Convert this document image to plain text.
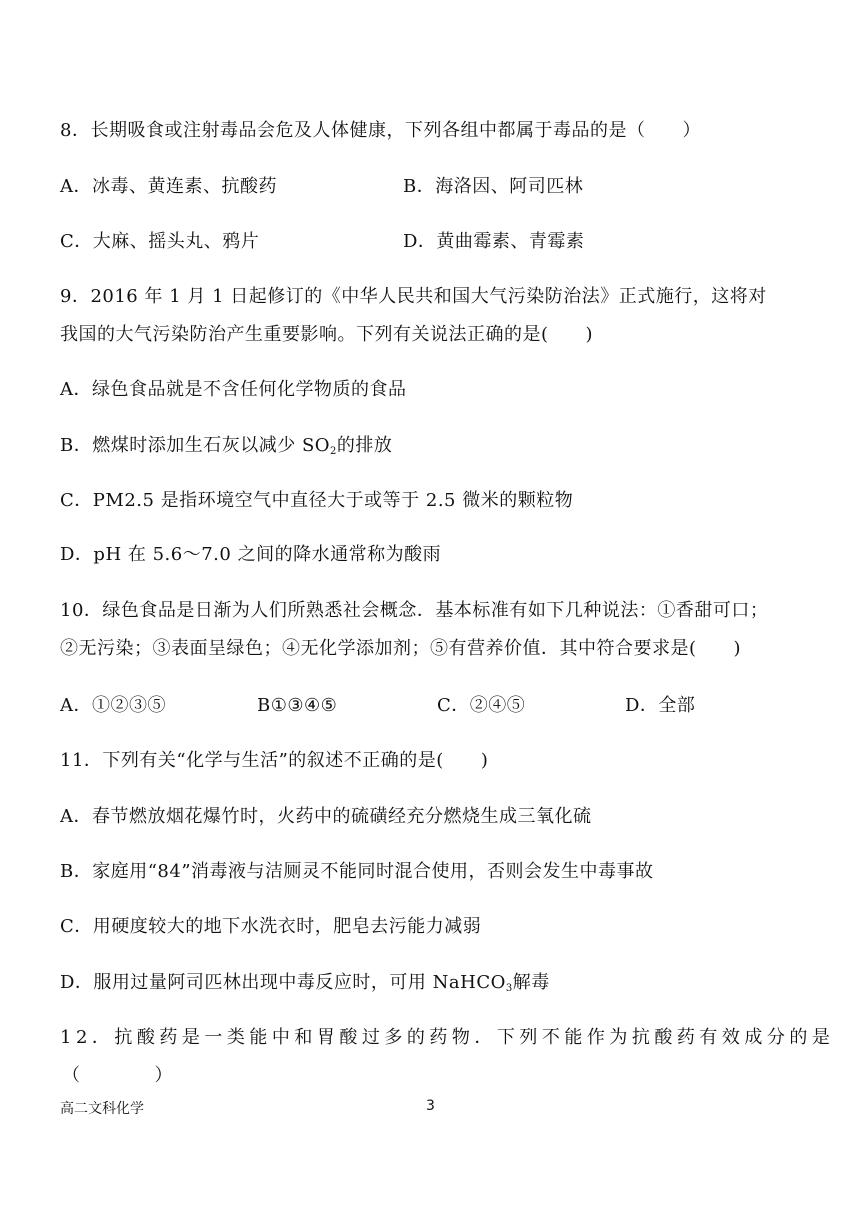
8．长期吸食或注射毒品会危及人体健康，下列各组中都属于毒品的是（　　）
A．冰毒、黄连素、抗酸药	B．海洛因、阿司匹林
C．大麻、摇头丸、鸦片	D．黄曲霉素、青霉素
9．2016 年 1 月 1 日起修订的《中华人民共和国大气污染防治法》正式施行，这将对
我国的大气污染防治产生重要影响。下列有关说法正确的是(　　)
A．绿色食品就是不含任何化学物质的食品
B．燃煤时添加生石灰以减少 $SO_2$的排放
C．PM2.5 是指环境空气中直径大于或等于 2.5 微米的颗粒物
D．pH 在 5.6～7.0 之间的降水通常称为酸雨
10．绿色食品是日渐为人们所熟悉社会概念．基本标准有如下几种说法：①香甜可口；
②无污染；③表面呈绿色；④无化学添加剂；⑤有营养价值．其中符合要求是(　　)
A．①②③⑤	B①③④⑤	C．②④⑤	D．全部
11．下列有关“化学与生活”的叙述不正确的是(　　)
A．春节燃放烟花爆竹时，火药中的硫磺经充分燃烧生成三氧化硫
B．家庭用“84”消毒液与洁厕灵不能同时混合使用，否则会发生中毒事故
C．用硬度较大的地下水洗衣时，肥皂去污能力减弱
D．服用过量阿司匹林出现中毒反应时，可用 NaHCO$_3$解毒
12．抗酸药是一类能中和胃酸过多的药物．下列不能作为抗酸药有效成分的是
（　　　　）
高二文科化学	3
